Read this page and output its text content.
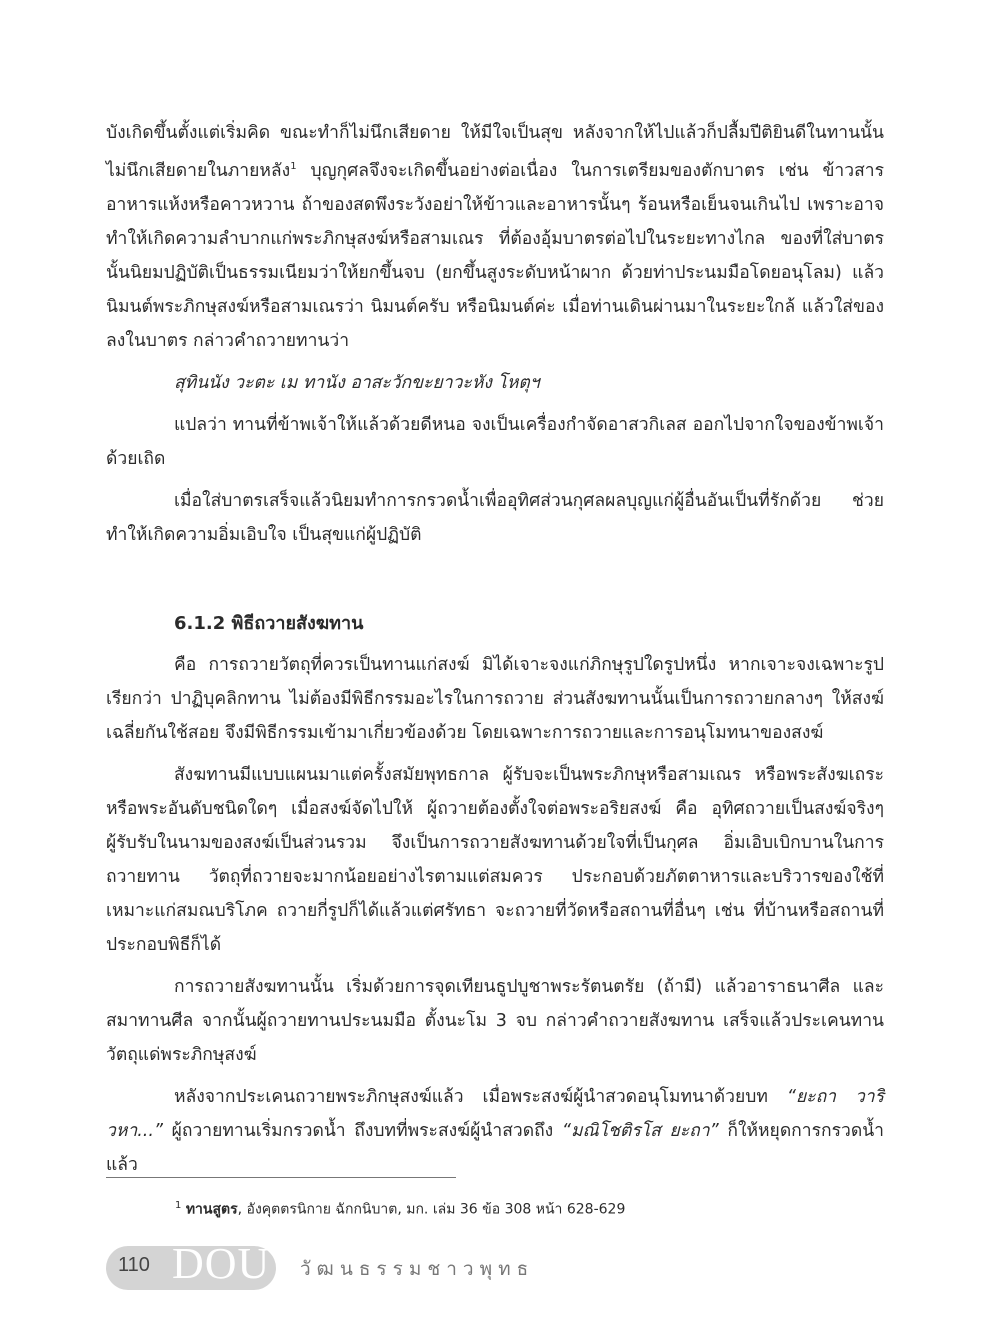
บังเกิดขึ้นตั้งแต่เริ่มคิด ขณะทำก็ไม่นึกเสียดาย ให้มีใจเป็นสุข หลังจากให้ไปแล้วก็ปลื้มปีติยินดีในทานนั้น ไม่นึกเสียดายในภายหลัง$^1$ บุญกุศลจึงจะเกิดขึ้นอย่างต่อเนื่อง ในการเตรียมของตักบาตร เช่น ข้าวสาร อาหารแห้งหรือคาวหวาน ถ้าของสดพึงระวังอย่าให้ข้าวและอาหารนั้นๆ ร้อนหรือเย็นจนเกินไป เพราะอาจทำให้เกิดความลำบากแก่พระภิกษุสงฆ์หรือสามเณร ที่ต้องอุ้มบาตรต่อไปในระยะทางไกล ของที่ใส่บาตรนั้นนิยมปฏิบัติเป็นธรรมเนียมว่าให้ยกขึ้นจบ (ยกขึ้นสูงระดับหน้าผาก ด้วยท่าประนมมือโดยอนุโลม) แล้วนิมนต์พระภิกษุสงฆ์หรือสามเณรว่า นิมนต์ครับ หรือนิมนต์ค่ะ เมื่อท่านเดินผ่านมาในระยะใกล้ แล้วใส่ของลงในบาตร กล่าวคำถวายทานว่า

สุทินนัง วะตะ เม ทานัง อาสะวักขะยาวะหัง โหตุฯ

แปลว่า ทานที่ข้าพเจ้าให้แล้วด้วยดีหนอ จงเป็นเครื่องกำจัดอาสวกิเลส ออกไปจากใจของข้าพเจ้าด้วยเถิด

เมื่อใส่บาตรเสร็จแล้วนิยมทำการกรวดน้ำเพื่ออุทิศส่วนกุศลผลบุญแก่ผู้อื่นอันเป็นที่รักด้วย ช่วยทำให้เกิดความอิ่มเอิบใจ เป็นสุขแก่ผู้ปฏิบัติ

6.1.2 พิธีถวายสังฆทาน

คือ การถวายวัตถุที่ควรเป็นทานแก่สงฆ์ มิได้เจาะจงแก่ภิกษุรูปใดรูปหนึ่ง หากเจาะจงเฉพาะรูปเรียกว่า ปาฏิบุคลิกทาน ไม่ต้องมีพิธีกรรมอะไรในการถวาย ส่วนสังฆทานนั้นเป็นการถวายกลางๆ ให้สงฆ์เฉลี่ยกันใช้สอย จึงมีพิธีกรรมเข้ามาเกี่ยวข้องด้วย โดยเฉพาะการถวายและการอนุโมทนาของสงฆ์

สังฆทานมีแบบแผนมาแต่ครั้งสมัยพุทธกาล ผู้รับจะเป็นพระภิกษุหรือสามเณร หรือพระสังฆเถระ หรือพระอันดับชนิดใดๆ เมื่อสงฆ์จัดไปให้ ผู้ถวายต้องตั้งใจต่อพระอริยสงฆ์ คือ อุทิศถวายเป็นสงฆ์จริงๆ ผู้รับรับในนามของสงฆ์เป็นส่วนรวม จึงเป็นการถวายสังฆทานด้วยใจที่เป็นกุศล อิ่มเอิบเบิกบานในการถวายทาน วัตถุที่ถวายจะมากน้อยอย่างไรตามแต่สมควร ประกอบด้วยภัตตาหารและบริวารของใช้ที่เหมาะแก่สมณบริโภค ถวายกี่รูปก็ได้แล้วแต่ศรัทธา จะถวายที่วัดหรือสถานที่อื่นๆ เช่น ที่บ้านหรือสถานที่ประกอบพิธีก็ได้

การถวายสังฆทานนั้น เริ่มด้วยการจุดเทียนธูปบูชาพระรัตนตรัย (ถ้ามี) แล้วอาราธนาศีล และสมาทานศีล จากนั้นผู้ถวายทานประนมมือ ตั้งนะโม 3 จบ กล่าวคำถวายสังฆทาน เสร็จแล้วประเคนทานวัตถุแด่พระภิกษุสงฆ์

หลังจากประเคนถวายพระภิกษุสงฆ์แล้ว เมื่อพระสงฆ์ผู้นำสวดอนุโมทนาด้วยบท “ยะถา วาริวหา...” ผู้ถวายทานเริ่มกรวดน้ำ ถึงบทที่พระสงฆ์ผู้นำสวดถึง “มณิโชติรโส ยะถา” ก็ให้หยุดการกรวดน้ำ แล้ว

$^1$ ทานสูตร, อังคุตตรนิกาย ฉักกนิบาต, มก. เล่ม 36 ข้อ 308 หน้า 628-629
110 DOU วัฒนธรรมชาวพุทธ
